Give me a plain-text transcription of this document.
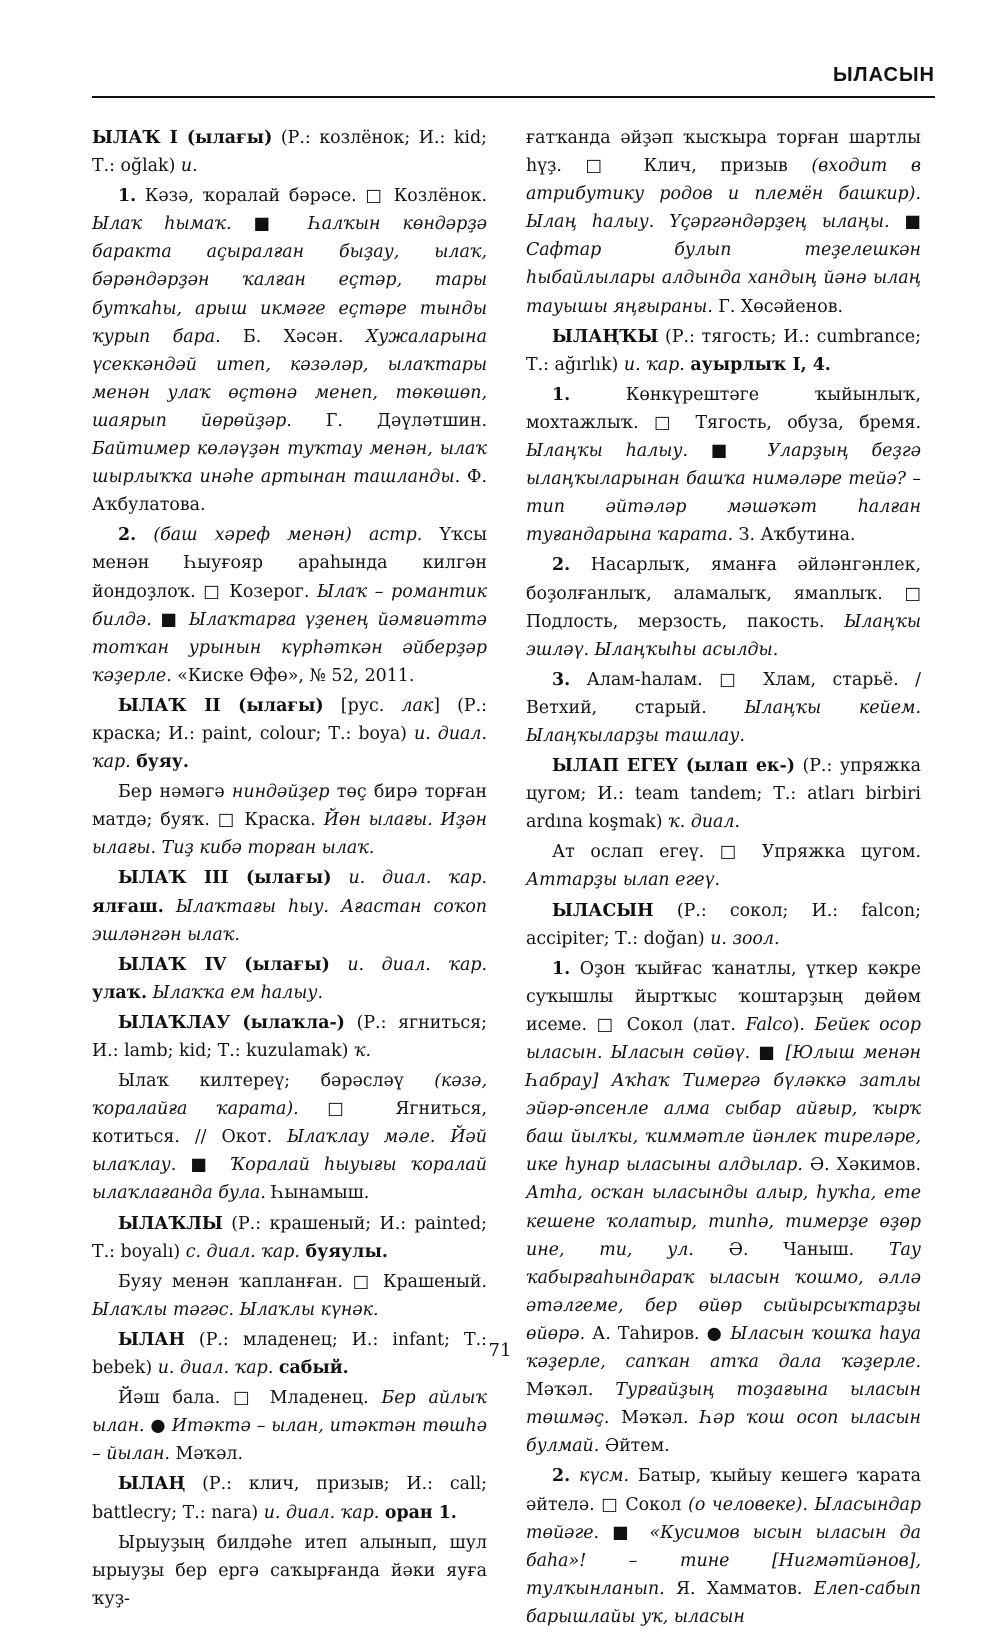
ЫЛАСЫН

ЫЛАҠ I (ылағы) (Р.: козлёнок; И.: kid; Т.: oğlak) и.

1. Кәзә, ҡоралай бәрәсе. □ Козлёнок. Ылаҡ һымаҡ. ■ Һалҡын көндәрҙә баракта аҫыралған быҙау, ылаҡ, бәрәндәрҙән ҡалған еҫтәр, тары бутҡаһы, арыш икмәге еҫтәре тынды ҡурып бара. Б. Хәсән. Хужаларына үсеккәндәй итеп, кәзәләр, ылаҡтары менән улаҡ өҫтөнә менеп, төкөшөп, шаярып йөрөйҙәр. Г. Дәүләтшин. Байтимер көләүҙән туҡтау менән, ылаҡ шырлыҡҡа инәһе артынан ташланды. Ф. Аҡбулатова.

2. (баш хәреф менән) астр. Үҡсы менән Һыуғояр араһында килгән йондоҙлоҡ. □ Козерог. Ылаҡ – романтик билдә. ■ Ылаҡтарға үҙенең йәмғиәттә тотҡан урынын күрһәткән әйберҙәр ҡәҙерле. «Киске Өфө», № 52, 2011.

ЫЛАҠ II (ылағы) [рус. лак] (Р.: краска; И.: paint, colour; Т.: boya) и. диал. ҡар. буяу.

Бер нәмәгә ниндәйҙер төҫ бирә торған матдә; буяҡ. □ Краска. Йөн ылағы. Иҙән ылағы. Тиҙ кибә торған ылаҡ.

ЫЛАҠ III (ылағы) и. диал. ҡар. ялғаш. Ылаҡтағы һыу. Ағастан соҡоп эшләнгән ылаҡ.

ЫЛАҠ IV (ылағы) и. диал. ҡар. улаҡ. Ылаҡҡа ем һалыу.

ЫЛАҠЛАУ (ылаҡла-) (Р.: ягниться; И.: lamb; kid; Т.: kuzulamak) ҡ.

Ылаҡ килтереү; бәрәсләү (кәзә, ҡоралайға ҡарата). □ Ягниться, котиться. // Окот. Ылаҡлау мәле. Йәй ылаҡлау. ■ Ҡоралай һыуығы ҡоралай ылаҡлағанда була. Һынамыш.

ЫЛАҠЛЫ (Р.: крашеный; И.: painted; Т.: boyalı) с. диал. ҡар. буяулы.

Буяу менән ҡапланған. □ Крашеный. Ылаҡлы тәгәс. Ылаҡлы күнәк.

ЫЛАН (Р.: младенец; И.: infant; Т.: bebek) и. диал. ҡар. сабый.

Йәш бала. □ Младенец. Бер айлыҡ ылан. ● Итәктә – ылан, итәктән төшһә – йылан. Мәҡәл.

ЫЛАҢ (Р.: клич, призыв; И.: call; battlecry; Т.: nara) и. диал. ҡар. оран 1.

Ырыуҙың билдәһе итеп алынып, шул ырыуҙы бер ергә саҡырғанда йәки яуға ҡуҙ-

ғатҡанда әйҙәп ҡысҡыра торған шартлы һүҙ. □ Клич, призыв (входит в атрибутику родов и племён башкир). Ылаң һалыу. Үҫәргәндәрҙең ылаңы. ■ Сафтар булып теҙелешкән һыбайлылары алдында хандың йәнә ылаң тауышы яңғыраны. Г. Хөсәйенов.

ЫЛАҢҠЫ (Р.: тягость; И.: cumbrance; Т.: ağırlık) и. ҡар. ауырлыҡ I, 4.

1. Көнкүрештәге ҡыйынлыҡ, мохтажлыҡ. □ Тягость, обуза, бремя. Ылаңҡы һалыу. ■ Уларҙың беҙгә ылаңҡыларынан башҡа нимәләре тейә? – тип әйтәләр мәшәҡәт һалған туғандарына ҡарата. З. Аҡбутина.

2. Насарлыҡ, яманға әйләнгәнлек, боҙолғанлыҡ, аламалыҡ, ямanлыҡ. □ Подлость, мерзость, пакость. Ылаңҡы эшләү. Ылаңҡыһы асылды.

3. Алам-һалам. □ Хлам, старьё. / Ветхий, старый. Ылаңҡы кейем. Ылаңҡыларҙы ташлау.

ЫЛАП ЕГЕҮ (ылап ек-) (Р.: упряжка цугом; И.: team tandem; Т.: atları birbiri ardına koşmak) ҡ. диал.

Ат ослап егеү. □ Упряжка цугом. Аттарҙы ылап егеү.

ЫЛАСЫН (Р.: сокол; И.: falcon; accipiter; Т.: doğan) и. зоол.

1. Оҙон ҡыйғас ҡанатлы, үткер кәкре суҡышлы йыртҡыс ҡоштарҙың дөйөм исеме. □ Сокол (лат. Falco). Бейек осор ыласын. Ыласын сөйөү. ■ [Юлыш менән Һабрау] Аҡһаҡ Тимергә бүләккә затлы эйәр-әпсенле алма сыбар айғыр, ҡырҡ баш йылҡы, ҡиммәтле йәнлек тиреләре, ике һунар ыласыны алдылар. Ә. Хәкимов. Атһа, осҡан ыласынды алыр, һуҡһа, ете кешене ҡолатыр, типһә, тимерҙе өҙөр ине, ти, ул. Ә. Чаныш. Тау ҡабырғаһындараҡ ыласын ҡошмо, әллә әтәлгеме, бер өйөр сыйырсыҡтарҙы өйөрә. А. Таһиров. ● Ыласын ҡошҡа һауа ҡәҙерле, сапҡан атҡа дала ҡәҙерле. Мәҡәл. Турғайҙың тоҙағына ыласын төшмәҫ. Мәҡәл. Һәр ҡош осоп ыласын булмай. Әйтем.

2. күсм. Батыр, ҡыйыу кешегә ҡарата әйтелә. □ Сокол (о человеке). Ыласындар төйәге. ■ «Кусимов ысын ыласын да баһа»! – тине [Нигмәтйәнов], тулҡынланып. Я. Хамматов. Елеп-сабып барышлайы уҡ, ыласын

71
